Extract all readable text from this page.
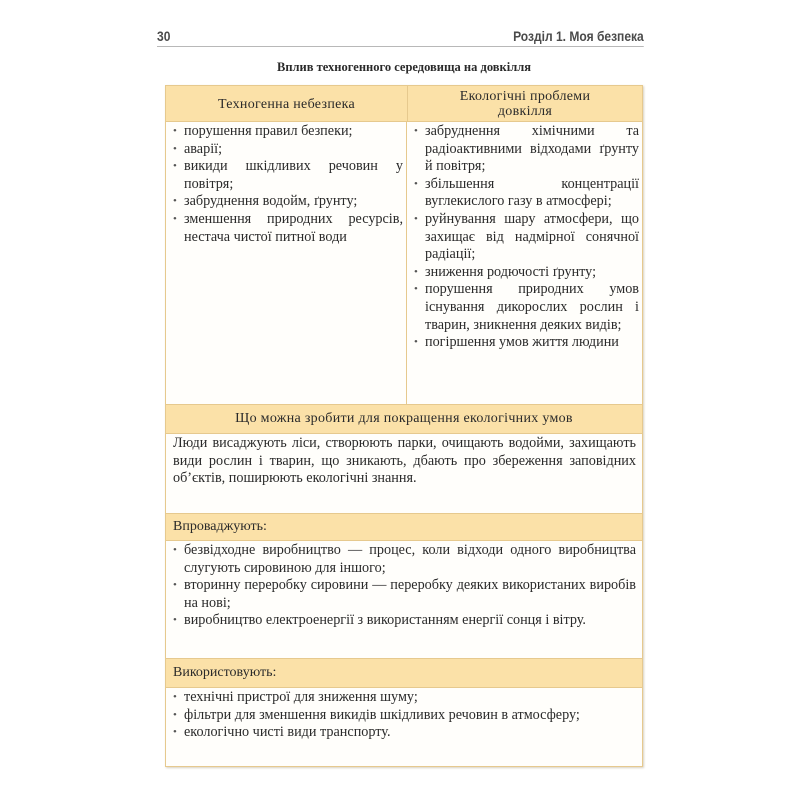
30	Розділ 1. Моя безпека
Вплив техногенного середовища на довкілля
Техногенна небезпека	Екологічні проблеми довкілля
• порушення правил безпеки;
• аварії;
• викиди шкідливих речовин у повітря;
• забруднення водойм, ґрунту;
• зменшення природних ресурсів, нестача чистої питної води
• забруднення хімічними та радіоактивними відходами ґрунту й повітря;
• збільшення концентрації вуглекислого газу в атмосфері;
• руйнування шару атмосфери, що захищає від надмірної сонячної радіації;
• зниження родючості ґрунту;
• порушення природних умов існування дикорослих рослин і тварин, зникнення деяких видів;
• погіршення умов життя людини
Що можна зробити для покращення екологічних умов
Люди висаджують ліси, створюють парки, очищають водойми, захищають види рослин і тварин, що зникають, дбають про збереження заповідних об’єктів, поширюють екологічні знання.
Впроваджують:
• безвідходне виробництво — процес, коли відходи одного виробництва слугують сировиною для іншого;
• вторинну переробку сировини — переробку деяких використаних виробів на нові;
• виробництво електроенергії з використанням енергії сонця і вітру.
Використовують:
• технічні пристрої для зниження шуму;
• фільтри для зменшення викидів шкідливих речовин в атмосферу;
• екологічно чисті види транспорту.
